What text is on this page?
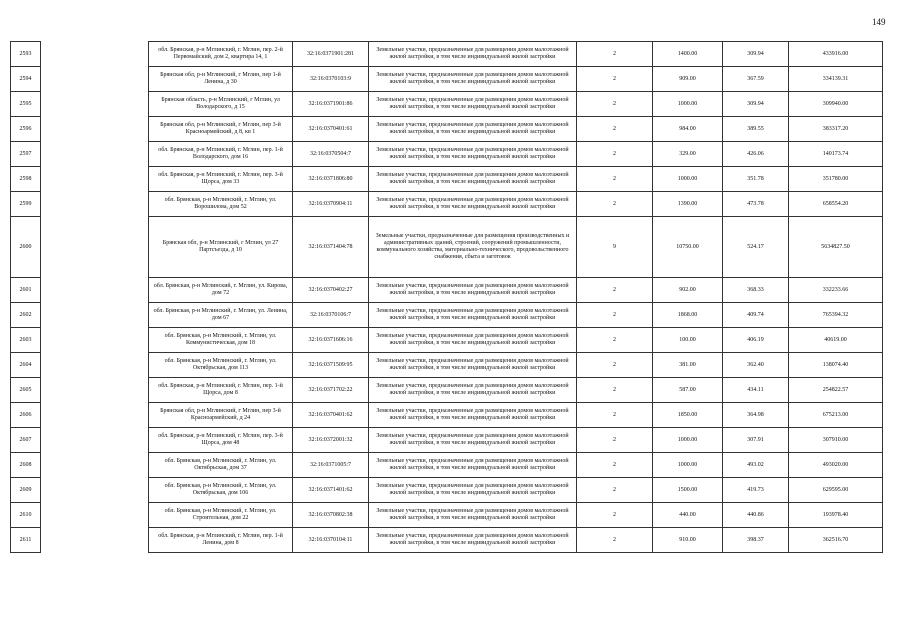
149
2593		обл. Брянская, р-н Мглинский, г. Мглин, пер. 2-й Первомайский, дом 2, квартира 14, 1	32:16:0371901:281	Земельные участки, предназначенные для размещения домов малоэтажной жилой застройки, в том числе индивидуальной жилой застройки	2	1400.00	309.94	433916.00
2594		Брянская обл, р-н Мглинский, г Мглин, пер 1-й Ленина, д 30	32:16:0370103:9	Земельные участки, предназначенные для размещения домов малоэтажной жилой застройки, в том числе индивидуальной жилой застройки	2	909.00	367.59	334139.31
2595		Брянская область, р-н Мглинский, г Мглин, ул Володарского, д 15	32:16:0371901:86	Земельные участки, предназначенные для размещения домов малоэтажной жилой застройки, в том числе индивидуальной жилой застройки	2	1000.00	309.94	309940.00
2596		Брянская обл, р-н Мглинский, г Мглин, пер 3-й Красноармейский, д 8, кв 1	32:16:0370401:61	Земельные участки, предназначенные для размещения домов малоэтажной жилой застройки, в том числе индивидуальной жилой застройки	2	984.00	389.55	383317.20
2597		обл. Брянская, р-н Мглинский, г. Мглин, пер. 1-й Володарского, дом 16	32:16:0370504:7	Земельные участки, предназначенные для размещения домов малоэтажной жилой застройки, в том числе индивидуальной жилой застройки	2	329.00	426.06	140173.74
2598		обл. Брянская, р-н Мглинский, г. Мглин, пер. 3-й Щорса, дом 33	32:16:0371806:80	Земельные участки, предназначенные для размещения домов малоэтажной жилой застройки, в том числе индивидуальной жилой застройки	2	1000.00	351.78	351780.00
2599		обл. Брянская, р-н Мглинский, г. Мглин, ул. Ворошилова, дом 52	32:16:0370904:11	Земельные участки, предназначенные для размещения домов малоэтажной жилой застройки, в том числе индивидуальной жилой застройки	2	1390.00	473.78	658554.20
2600		Брянская обл, р-н Мглинский, г Мглин, ул 27 Партсъезда, д 10	32:16:0371404:78	Земельные участки, предназначенные для размещения производственных и административных зданий, строений, сооружений промышленности, коммунального хозяйства, материально-технического, продовольственного снабжения, сбыта и заготовок	9	10750.00	524.17	5634827.50
2601		обл. Брянская, р-н Мглинский, г. Мглин, ул. Кирова, дом 72	32:16:0370402:27	Земельные участки, предназначенные для размещения домов малоэтажной жилой застройки, в том числе индивидуальной жилой застройки	2	902.00	368.33	332233.66
2602		обл. Брянская, р-н Мглинский, г. Мглин, ул. Ленина, дом 67	32:16:0370106:7	Земельные участки, предназначенные для размещения домов малоэтажной жилой застройки, в том числе индивидуальной жилой застройки	2	1868.00	409.74	765394.32
2603		обл. Брянская, р-н Мглинский, г. Мглин, ул. Коммунистическая, дом 18	32:16:0371606:16	Земельные участки, предназначенные для размещения домов малоэтажной жилой застройки, в том числе индивидуальной жилой застройки	2	100.00	406.19	40619.00
2604		обл. Брянская, р-н Мглинский, г. Мглин, ул. Октябрьская, дом 113	32:16:0371509:95	Земельные участки, предназначенные для размещения домов малоэтажной жилой застройки, в том числе индивидуальной жилой застройки	2	381.00	362.40	138074.40
2605		обл. Брянская, р-н Мглинский, г. Мглин, пер. 1-й Щорса, дом 8	32:16:0371702:22	Земельные участки, предназначенные для размещения домов малоэтажной жилой застройки, в том числе индивидуальной жилой застройки	2	587.00	434.11	254822.57
2606		Брянская обл, р-н Мглинский, г Мглин, пер 3-й Красноармейский, д 24	32:16:0370401:62	Земельные участки, предназначенные для размещения домов малоэтажной жилой застройки, в том числе индивидуальной жилой застройки	2	1850.00	364.98	675213.00
2607		обл. Брянская, р-н Мглинский, г. Мглин, пер. 3-й Щорса, дом 48	32:16:0372001:32	Земельные участки, предназначенные для размещения домов малоэтажной жилой застройки, в том числе индивидуальной жилой застройки	2	1000.00	307.91	307910.00
2608		обл. Брянская, р-н Мглинский, г. Мглин, ул. Октябрьская, дом 37	32:16:0371005:7	Земельные участки, предназначенные для размещения домов малоэтажной жилой застройки, в том числе индивидуальной жилой застройки	2	1000.00	493.02	493020.00
2609		обл. Брянская, р-н Мглинский, г. Мглин, ул. Октябрьская, дом 106	32:16:0371401:62	Земельные участки, предназначенные для размещения домов малоэтажной жилой застройки, в том числе индивидуальной жилой застройки	2	1500.00	419.73	629595.00
2610		обл. Брянская, р-н Мглинский, г. Мглин, ул. Строительная, дом 22	32:16:0370802:38	Земельные участки, предназначенные для размещения домов малоэтажной жилой застройки, в том числе индивидуальной жилой застройки	2	440.00	440.86	193978.40
2611		обл. Брянская, р-н Мглинский, г. Мглин, пер. 1-й Ленина, дом 8	32:16:0370104:11	Земельные участки, предназначенные для размещения домов малоэтажной жилой застройки, в том числе индивидуальной жилой застройки	2	910.00	398.37	362516.70
